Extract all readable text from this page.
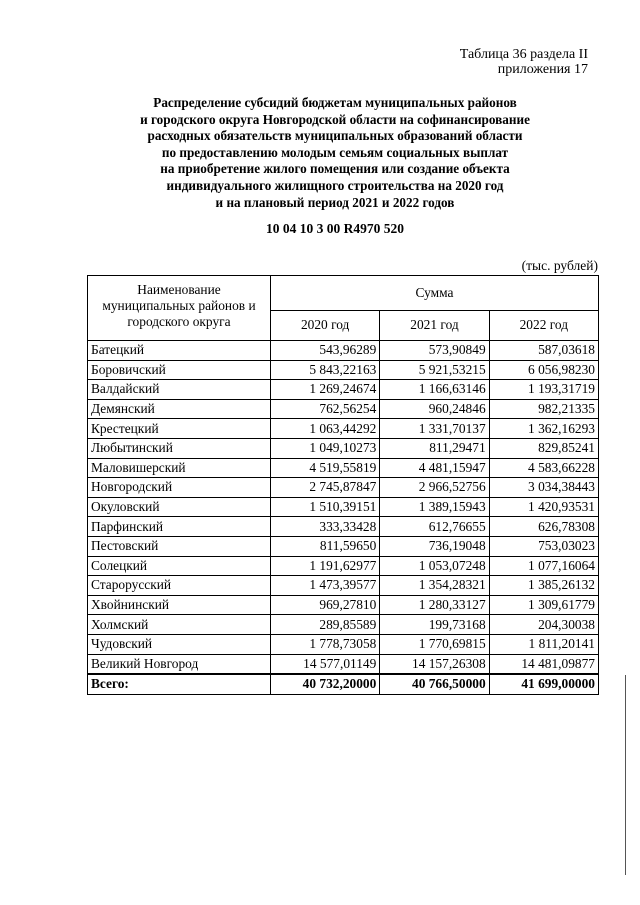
Таблица 36 раздела II
приложения 17
Распределение субсидий бюджетам муниципальных районов
и городского округа Новгородской области на софинансирование
расходных обязательств муниципальных образований области
по предоставлению молодым семьям социальных выплат
на приобретение жилого помещения или создание объекта
индивидуального жилищного строительства на 2020 год
и на плановый период 2021 и 2022 годов
10 04 10 3 00 R4970 520
(тыс. рублей)
Наименование муниципальных районов и городского округа	Сумма		
	2020 год	2021 год	2022 год
Батецкий	543,96289	573,90849	587,03618
Боровичский	5 843,22163	5 921,53215	6 056,98230
Валдайский	1 269,24674	1 166,63146	1 193,31719
Демянский	762,56254	960,24846	982,21335
Крестецкий	1 063,44292	1 331,70137	1 362,16293
Любытинский	1 049,10273	811,29471	829,85241
Маловишерский	4 519,55819	4 481,15947	4 583,66228
Новгородский	2 745,87847	2 966,52756	3 034,38443
Окуловский	1 510,39151	1 389,15943	1 420,93531
Парфинский	333,33428	612,76655	626,78308
Пестовский	811,59650	736,19048	753,03023
Солецкий	1 191,62977	1 053,07248	1 077,16064
Старорусский	1 473,39577	1 354,28321	1 385,26132
Хвойнинский	969,27810	1 280,33127	1 309,61779
Холмский	289,85589	199,73168	204,30038
Чудовский	1 778,73058	1 770,69815	1 811,20141
Великий Новгород	14 577,01149	14 157,26308	14 481,09877
Всего:	40 732,20000	40 766,50000	41 699,00000
